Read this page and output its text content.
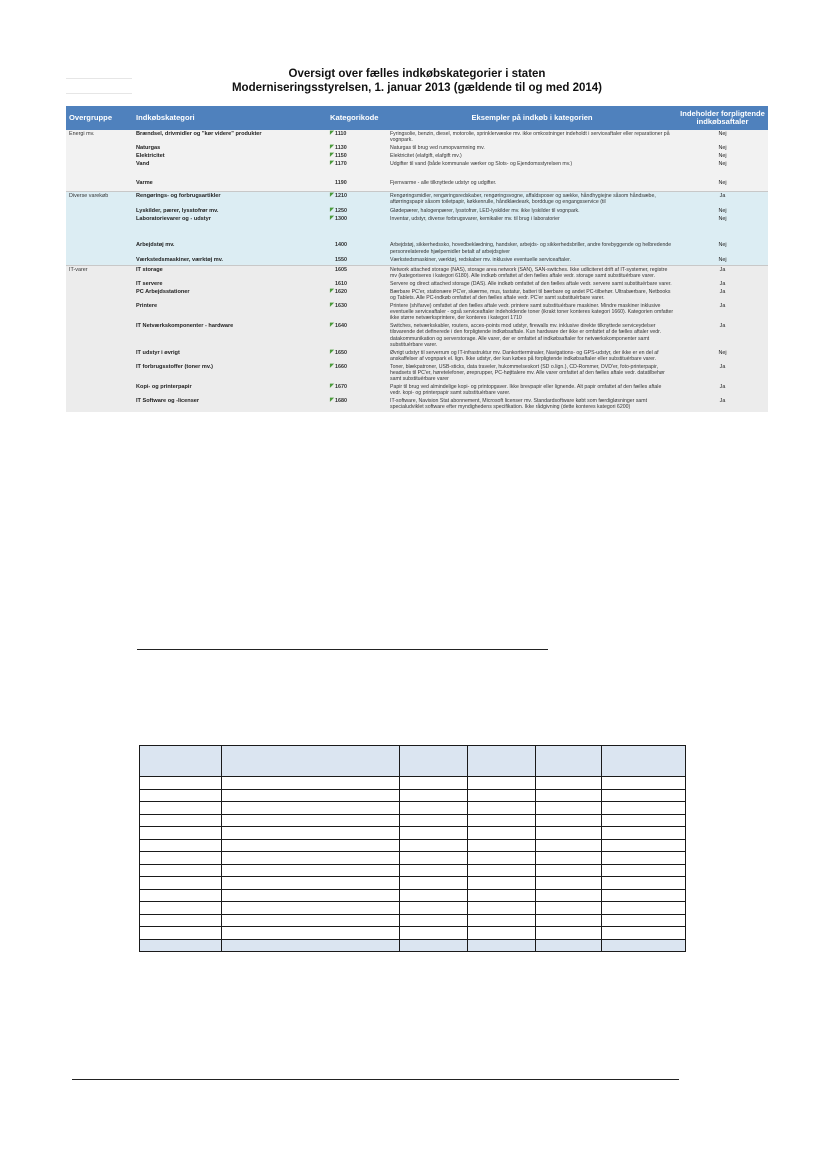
Oversigt over fælles indkøbskategorier i staten
Moderniseringsstyrelsen, 1. januar 2013 (gældende til og med 2014)
Overgruppe	Indkøbskategori	Kategorikode	Eksempler på indkøb i kategorien	Indeholder forpligtende indkøbsaftaler
Energi mv.	Brændsel, drivmidler og "kør videre" produkter	◤ 1110	Fyringsolie, benzin, diesel, motorolie, sprinklervæske mv. ikke omkostninger indeholdt i serviceaftaler eller reparationer på vognpark.	Nej
	Naturgas	◤ 1130	Naturgas til brug ved rumopvarmning mv.	Nej
	Elektricitet	◤ 1150	Elektricitet (elafgift, elafgift mv.)	Nej
	Vand	◤ 1170	Udgifter til vand (både kommunale værker og Slots- og Ejendomsstyrelsen mv.)	Nej
	Varme	1190	Fjernvarme - alle tilknyttede udstyr og udgifter.	Nej
Diverse varekøb	Rengørings- og forbrugsartikler	◤ 1210	Rengøringsmidler, rengøringsredskaber, rengøringsvogne, affaldsposer og sække, håndhygiejne såsom håndsæbe, aftørringspapir såsom toiletpapir, køkkenrulle, håndklædeark, bordduge og engangsservice (til	Ja
	Lyskilder, pærer, lysstofrør mv.	◤ 1250	Glødepærer, halogenpærer, lysstofrør, LED-lyskilder mv. ikke lyskilder til vognpark.	Nej
	Laboratorievarer og - udstyr	◤ 1300	Inventar, udstyr, diverse forbrugsvarer, kemikalier mv. til brug i laboratorier	Nej
	Arbejdstøj mv.	1400	Arbejdstøj, sikkerhedssko, hovedbeklædning, handsker, arbejds- og sikkerhedsbriller, andre forebyggende og helbredende personrelaterede hjælpemidler betalt af arbejdsgiver	Nej
	Værkstedsmaskiner, værktøj mv.	1550	Værkstedsmaskiner, værktøj, redskaber mv. inklusive eventuelle serviceaftaler.	Nej
IT-varer	IT storage	1605	Network attached storage (NAS), storage area network (SAN), SAN-switches. Ikke udliciteret drift af IT-systemer, registre mv (kategoriseres i kategori 6180). Alle indkøb omfattet af den fælles aftale vedr. storage samt substituérbare varer.	Ja
	IT servere	1610	Servere og direct attached storage (DAS). Alle indkøb omfattet af den fælles aftale vedr. servere samt substituérbare varer.	Ja
	PC Arbejdsstationer	◤ 1620	Bærbare PC'er, stationære PC'er, skærme, mus, tastatur, batteri til bærbare og andet PC-tilbehør. Ultrabærbare, Netbooks og Tablets. Alle PC-indkøb omfattet af den fælles aftale vedr. PC'er samt substituérbare varer.	Ja
	Printere	◤ 1630	Printere (sh/farve) omfattet af den fælles aftale vedr. printere samt substituérbare maskiner. Mindre maskiner inklusive eventuelle serviceaftaler - også serviceaftaler indeholdende toner (ikrakt toner konteres kategori 1660). Kategorien omfatter ikke større netværksprintere, der konteres i kategori 1710	Ja
	IT Netværkskomponenter - hardware	◤ 1640	Switches, netværkskabler, routers, acces-points mod udstyr, firewalls mv. inklusive direkte tilknyttede serviceydelser tilsvarende det definerede i den forpligtende indkøbsaftale. Kun hardware der ikke er omfattet af de fælles aftaler vedr. datakommunikation og serverstorage. Alle varer, der er omfattet af indkøbsaftaler for netværkskomponenter samt substituérbare varer.	Ja
	IT udstyr i øvrigt	◤ 1650	Øvrigt udstyr til serverrum og IT-infrastruktur mv. Dankortterminaler, Navigations- og GPS-udstyr, der ikke er en del af anskaffelser af vognpark el. lign. Ikke udstyr, der kan købes på forpligtende indkøbsaftaler eller substituérbare varer.	Nej
	IT forbrugsstoffer (toner mv.)	◤ 1660	Toner, blækpatroner, USB-sticks, data traveler, hukommelseskort (SD o.lign.), CD-Rommer, DVD'er, foto-printerpapir, headsets til PC'er, høretelefoner, øreprupper, PC-højttalere mv. Alle varer omfattet af den fælles aftale vedr. datatilbehør samt substituérbare varer	Ja
	Kopi- og printerpapir	◤ 1670	Papir til brug ved almindelige kopi- og printopgaver. Ikke brevpapir eller lignende. Alt papir omfattet af den fælles aftale vedr. kopi- og printerpapir samt substituérbare varer.	Ja
	IT Software og -licenser	◤ 1680	IT-software, Navision Stat abonnement, Microsoft licenser mv. Standardsoftware købt som færdigløsninger samt specialudviklet software efter myndighedens specifikation. Ikke rådgivning (dette konteres kategori 6200)	Ja
